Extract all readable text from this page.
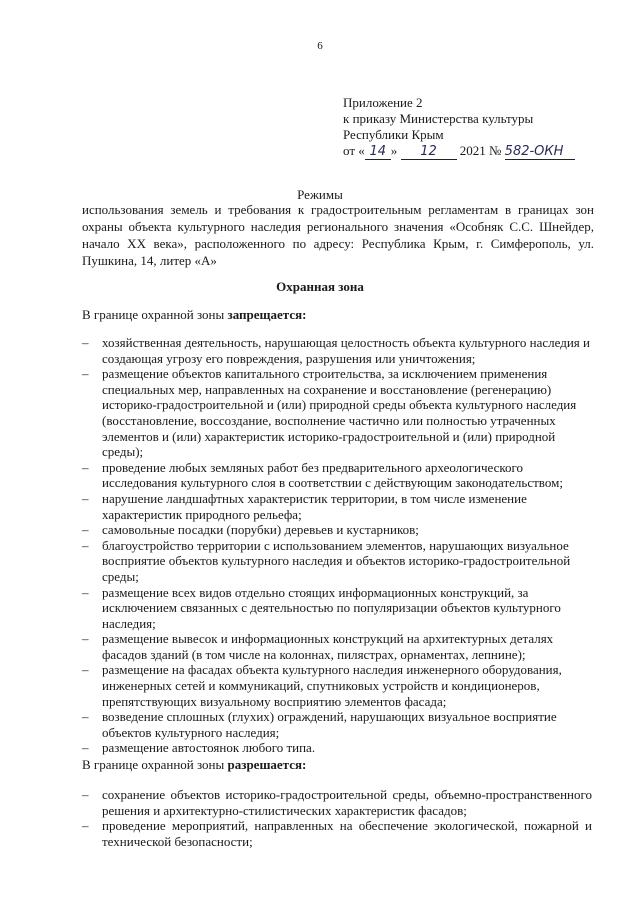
6
Приложение 2
к приказу Министерства культуры
Республики Крым
от « 14 » 12 2021 № 582-ОКН
Режимы
использования земель и требования к градостроительным регламентам в границах зон охраны объекта культурного наследия регионального значения «Особняк С.С. Шнейдер, начало XX века», расположенного по адресу: Республика Крым, г. Симферополь, ул. Пушкина, 14, литер «А»
Охранная зона
В границе охранной зоны запрещается:
– хозяйственная деятельность, нарушающая целостность объекта культурного наследия и создающая угрозу его повреждения, разрушения или уничтожения;
– размещение объектов капитального строительства, за исключением применения специальных мер, направленных на сохранение и восстановление (регенерацию) историко-градостроительной и (или) природной среды объекта культурного наследия (восстановление, воссоздание, восполнение частично или полностью утраченных элементов и (или) характеристик историко-градостроительной и (или) природной среды);
– проведение любых земляных работ без предварительного археологического исследования культурного слоя в соответствии с действующим законодательством;
– нарушение ландшафтных характеристик территории, в том числе изменение характеристик природного рельефа;
– самовольные посадки (порубки) деревьев и кустарников;
– благоустройство территории с использованием элементов, нарушающих визуальное восприятие объектов культурного наследия и объектов историко-градостроительной среды;
– размещение всех видов отдельно стоящих информационных конструкций, за исключением связанных с деятельностью по популяризации объектов культурного наследия;
– размещение вывесок и информационных конструкций на архитектурных деталях фасадов зданий (в том числе на колоннах, пилястрах, орнаментах, лепнине);
– размещение на фасадах объекта культурного наследия инженерного оборудования, инженерных сетей и коммуникаций, спутниковых устройств и кондиционеров, препятствующих визуальному восприятию элементов фасада;
– возведение сплошных (глухих) ограждений, нарушающих визуальное восприятие объектов культурного наследия;
– размещение автостоянок любого типа.
В границе охранной зоны разрешается:
– сохранение объектов историко-градостроительной среды, объемно-пространственного решения и архитектурно-стилистических характеристик фасадов;
– проведение мероприятий, направленных на обеспечение экологической, пожарной и технической безопасности;
